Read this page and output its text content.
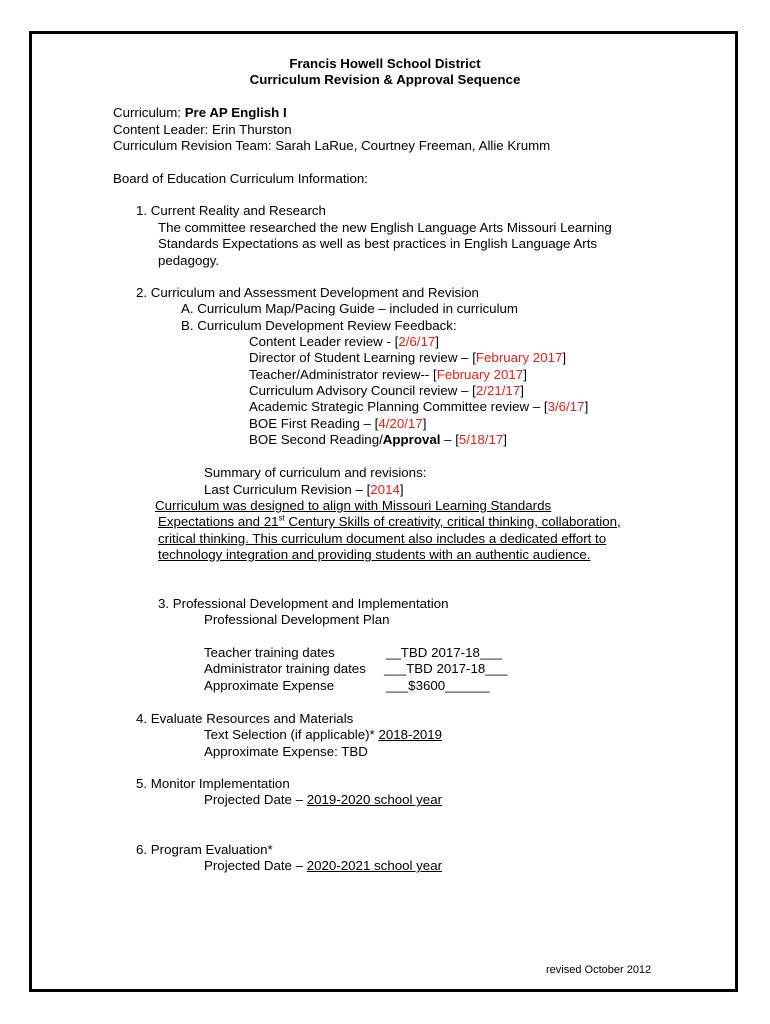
Francis Howell School District
Curriculum Revision & Approval Sequence
Curriculum: Pre AP English I
Content Leader: Erin Thurston
Curriculum Revision Team: Sarah LaRue, Courtney Freeman, Allie Krumm
Board of Education Curriculum Information:
1. Current Reality and Research
The committee researched the new English Language Arts Missouri Learning
Standards Expectations as well as best practices in English Language Arts
pedagogy.
2. Curriculum and Assessment Development and Revision
A. Curriculum Map/Pacing Guide – included in curriculum
B. Curriculum Development Review Feedback:
Content Leader review - [2/6/17]
Director of Student Learning review – [February 2017]
Teacher/Administrator review-- [February 2017]
Curriculum Advisory Council review – [2/21/17]
Academic Strategic Planning Committee review – [3/6/17]
BOE First Reading – [4/20/17]
BOE Second Reading/Approval – [5/18/17]
Summary of curriculum and revisions:
Last Curriculum Revision – [2014]
Curriculum was designed to align with Missouri Learning Standards
Expectations and 21st Century Skills of creativity, critical thinking, collaboration,
critical thinking. This curriculum document also includes a dedicated effort to
technology integration and providing students with an authentic audience.
3. Professional Development and Implementation
Professional Development Plan
Teacher training dates	__TBD 2017-18___
Administrator training dates ___TBD 2017-18___
Approximate Expense	___$3600______
4. Evaluate Resources and Materials
Text Selection (if applicable)* 2018-2019
Approximate Expense: TBD
5. Monitor Implementation
Projected Date – 2019-2020 school year
6. Program Evaluation*
Projected Date – 2020-2021 school year
revised October 2012
